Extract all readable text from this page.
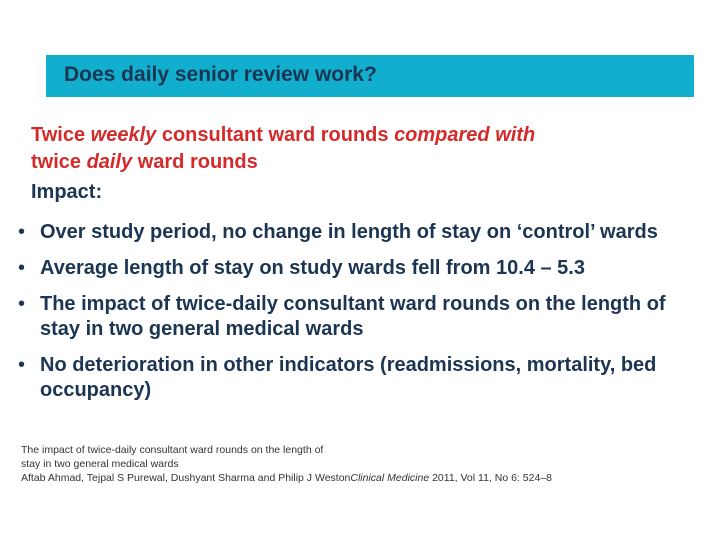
Does daily senior review work?
Twice weekly consultant ward rounds compared with
twice daily ward rounds
Impact:
• Over study period, no change in length of stay on ‘control’ wards
• Average length of stay on study wards fell from 10.4 – 5.3
• The impact of twice-daily consultant ward rounds on the length of stay in two general medical wards
• No deterioration in other indicators (readmissions, mortality, bed occupancy)
The impact of twice-daily consultant ward rounds on the length of
stay in two general medical wards
Aftab Ahmad, Tejpal S Purewal, Dushyant Sharma and Philip J WestonClinical Medicine 2011, Vol 11, No 6: 524–8
